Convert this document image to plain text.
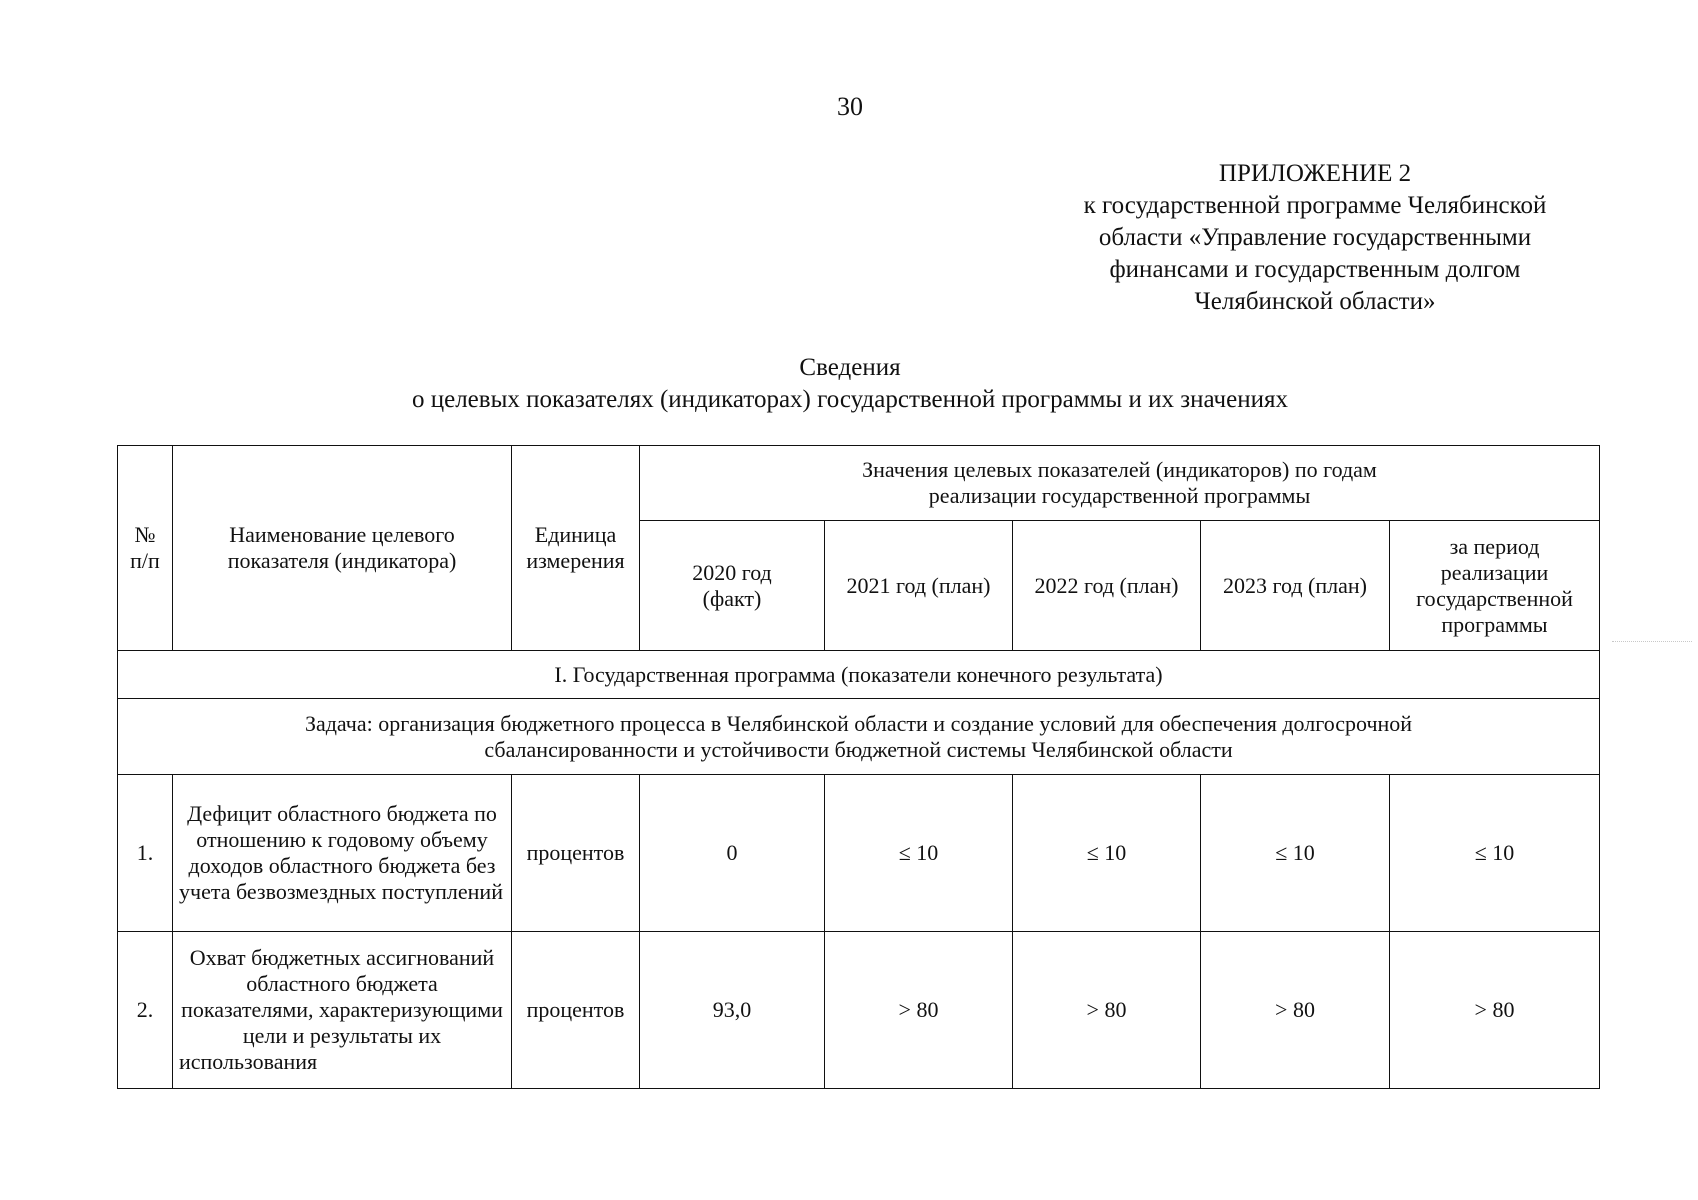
30
ПРИЛОЖЕНИЕ 2
к государственной программе Челябинской
области «Управление государственными
финансами и государственным долгом
Челябинской области»
Сведения
о целевых показателях (индикаторах) государственной программы и их значениях
№ п/п	Наименование целевого показателя (индикатора)	Единица измерения	Значения целевых показателей (индикаторов) по годам реализации государственной программы				
			2020 год (факт)	2021 год (план)	2022 год (план)	2023 год (план)	за период реализации государственной программы
I. Государственная программа (показатели конечного результата)							
Задача: организация бюджетного процесса в Челябинской области и создание условий для обеспечения долгосрочной сбалансированности и устойчивости бюджетной системы Челябинской области							
1.	Дефицит областного бюджета по отношению к годовому объему доходов областного бюджета без учета безвозмездных поступлений	процентов	0	≤ 10	≤ 10	≤ 10	≤ 10
2.	Охват бюджетных ассигнований областного бюджета показателями, характеризующими цели и результаты их использования	процентов	93,0	> 80	> 80	> 80	> 80
